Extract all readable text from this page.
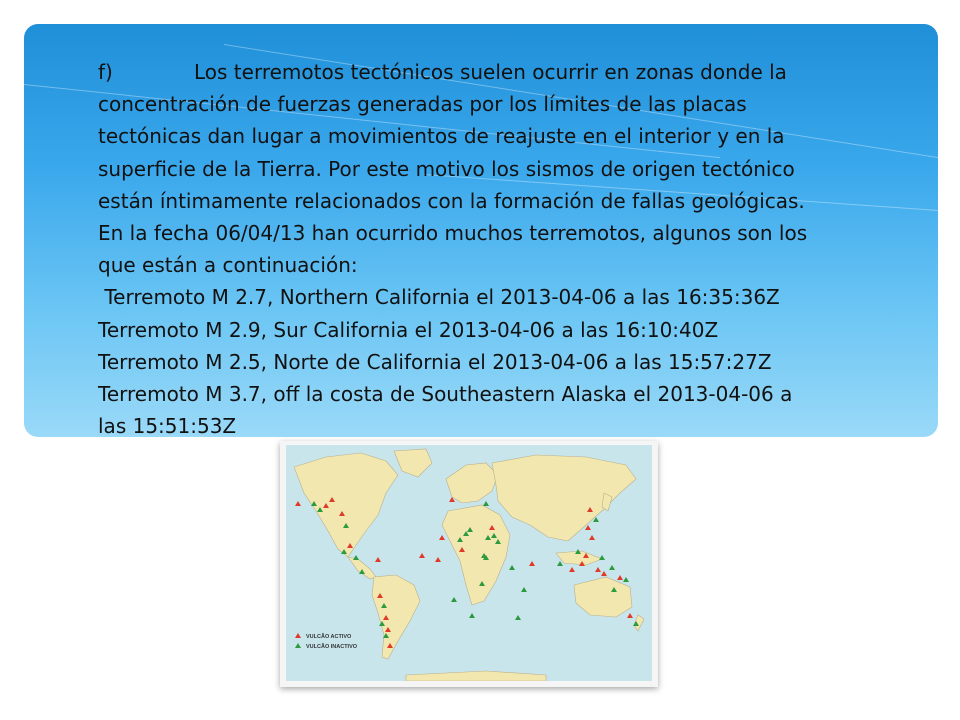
f)	Los terremotos tectónicos suelen ocurrir en zonas donde la

concentración de fuerzas generadas por los límites de las placas

tectónicas dan lugar a movimientos de reajuste en el interior y en la

superficie de la Tierra. Por este motivo los sismos de origen tectónico

están íntimamente relacionados con la formación de fallas geológicas.

En la fecha 06/04/13 han ocurrido muchos terremotos, algunos son los

que están a continuación:

Terremoto M 2.7, Northern California el 2013-04-06 a las 16:35:36Z

Terremoto M 2.9, Sur California el 2013-04-06 a las 16:10:40Z

Terremoto M 2.5, Norte de California el 2013-04-06 a las 15:57:27Z

Terremoto M 3.7, off la costa de Southeastern Alaska el 2013-04-06 a

las 15:51:53Z

VULCÃO ACTIVO
VULCÃO INACTIVO
